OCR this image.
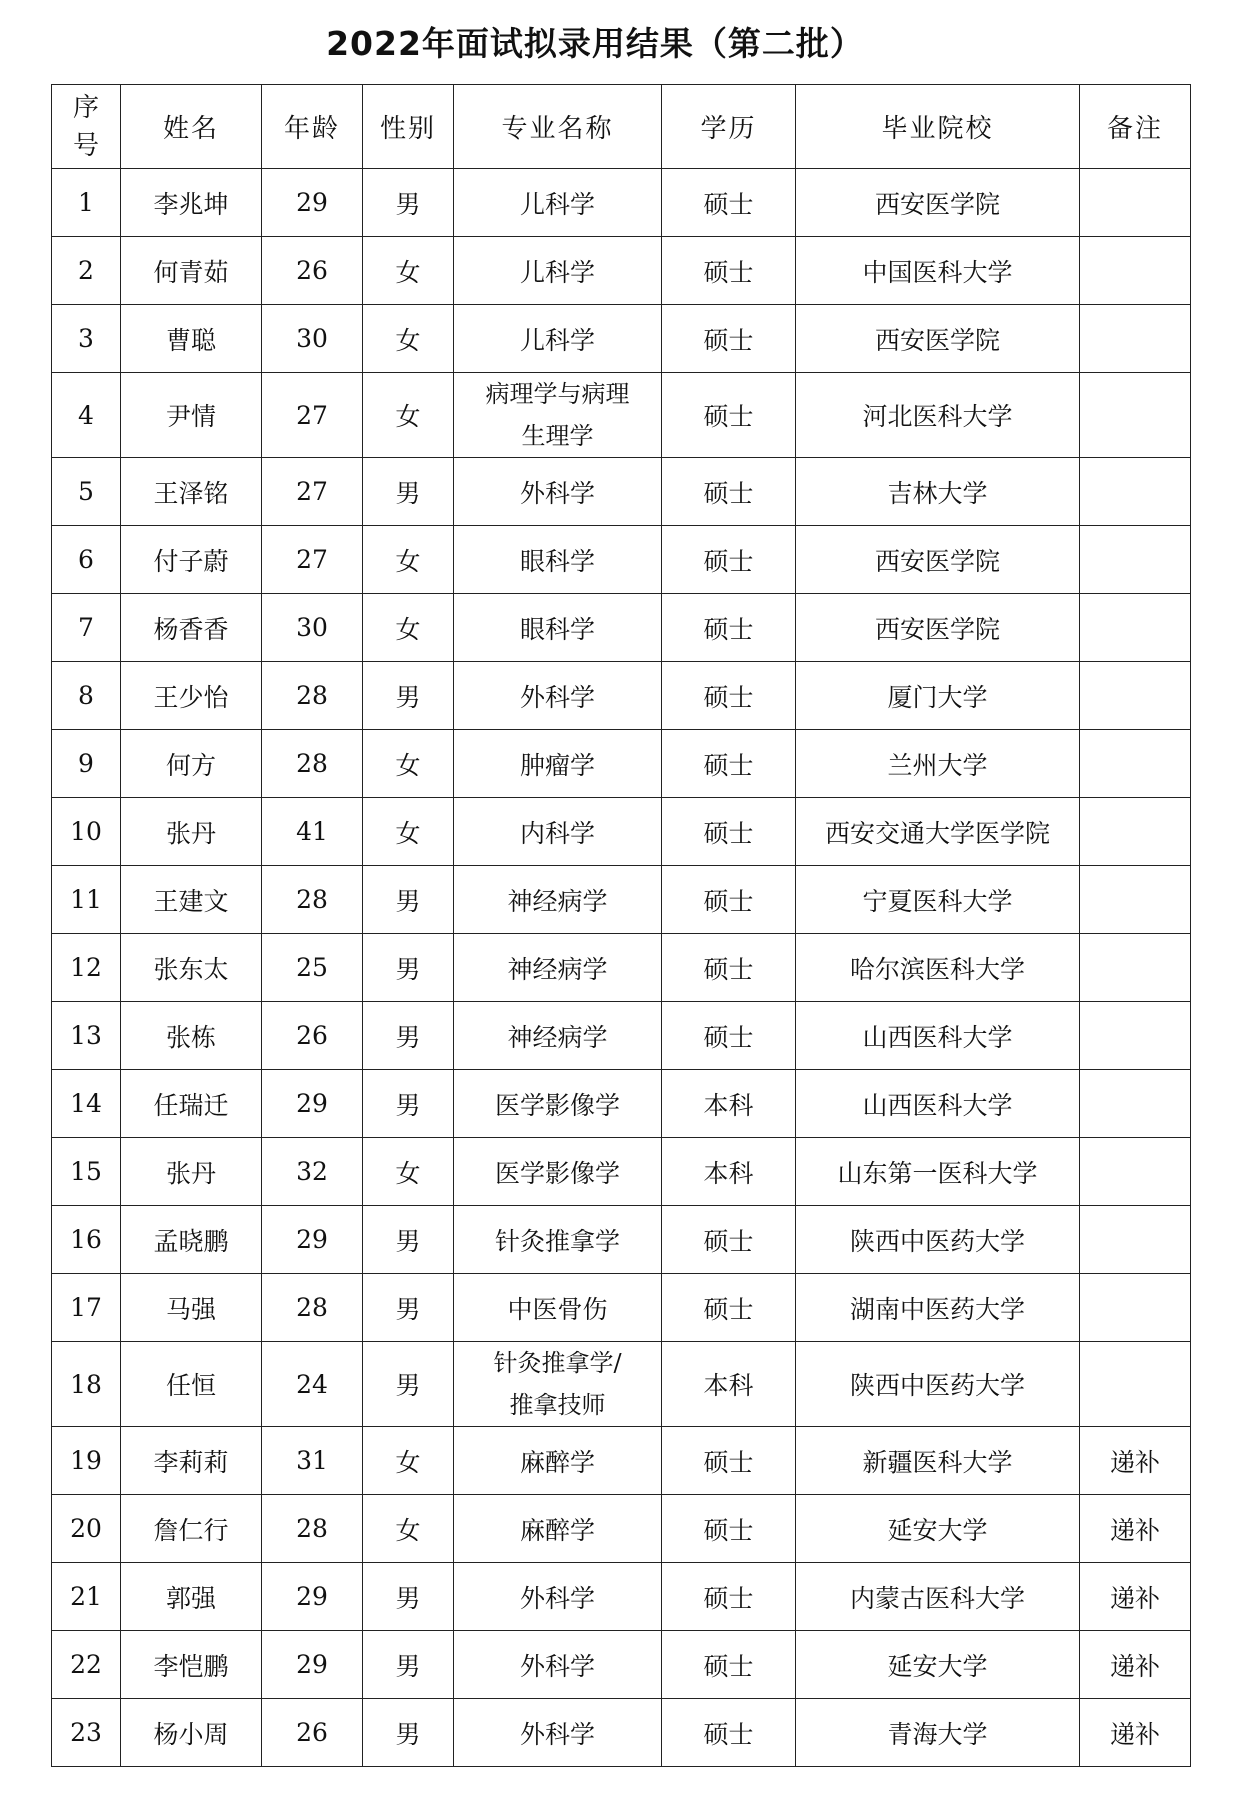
2022年面试拟录用结果（第二批）
序号	姓名	年龄	性别	专业名称	学历	毕业院校	备注
1	李兆坤	29	男	儿科学	硕士	西安医学院	
2	何青茹	26	女	儿科学	硕士	中国医科大学	
3	曹聪	30	女	儿科学	硕士	西安医学院	
4	尹情	27	女	病理学与病理生理学	硕士	河北医科大学	
5	王泽铭	27	男	外科学	硕士	吉林大学	
6	付子蔚	27	女	眼科学	硕士	西安医学院	
7	杨香香	30	女	眼科学	硕士	西安医学院	
8	王少怡	28	男	外科学	硕士	厦门大学	
9	何方	28	女	肿瘤学	硕士	兰州大学	
10	张丹	41	女	内科学	硕士	西安交通大学医学院	
11	王建文	28	男	神经病学	硕士	宁夏医科大学	
12	张东太	25	男	神经病学	硕士	哈尔滨医科大学	
13	张栋	26	男	神经病学	硕士	山西医科大学	
14	任瑞迁	29	男	医学影像学	本科	山西医科大学	
15	张丹	32	女	医学影像学	本科	山东第一医科大学	
16	孟晓鹏	29	男	针灸推拿学	硕士	陕西中医药大学	
17	马强	28	男	中医骨伤	硕士	湖南中医药大学	
18	任恒	24	男	针灸推拿学/推拿技师	本科	陕西中医药大学	
19	李莉莉	31	女	麻醉学	硕士	新疆医科大学	递补
20	詹仁行	28	女	麻醉学	硕士	延安大学	递补
21	郭强	29	男	外科学	硕士	内蒙古医科大学	递补
22	李恺鹏	29	男	外科学	硕士	延安大学	递补
23	杨小周	26	男	外科学	硕士	青海大学	递补
